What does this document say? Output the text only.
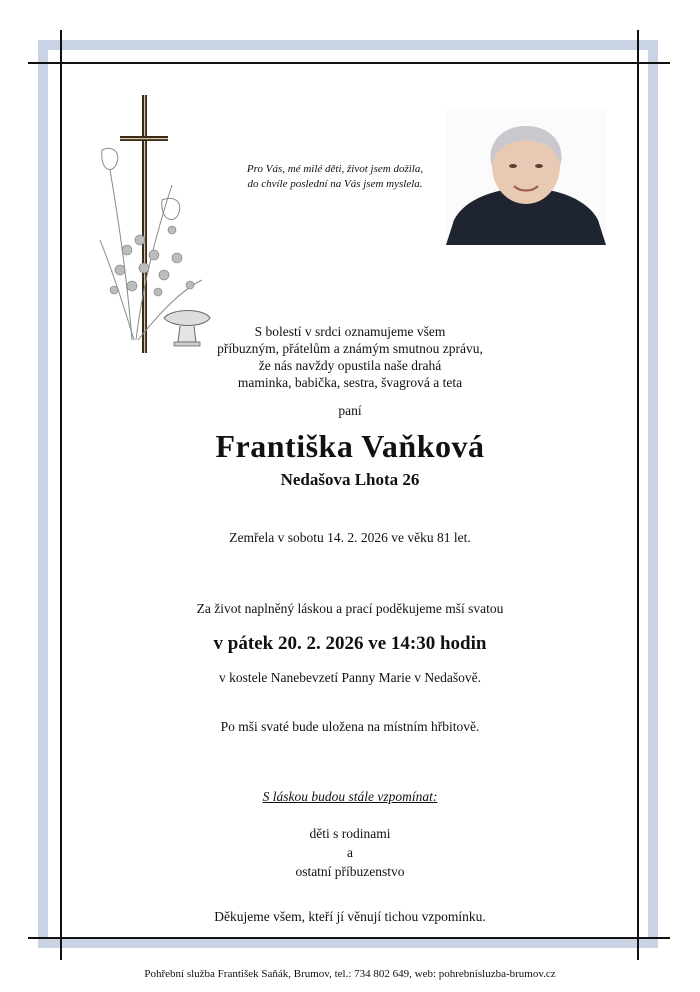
Pro Vás, mé milé děti, život jsem dožila,
do chvíle poslední na Vás jsem myslela.
S bolestí v srdci oznamujeme všem
příbuzným, přátelům a známým smutnou zprávu,
že nás navždy opustila naše drahá
maminka, babička, sestra, švagrová a teta
paní
Františka Vaňková
Nedašova Lhota 26
Zemřela v sobotu 14. 2. 2026 ve věku 81 let.
Za život naplněný láskou a prací poděkujeme mší svatou
v pátek 20. 2. 2026 ve 14:30 hodin
v kostele Nanebevzetí Panny Marie v Nedašově.
Po mši svaté bude uložena na místním hřbitově.
S láskou budou stále vzpomínat:
děti s rodinami
a
ostatní příbuzenstvo
Děkujeme všem, kteří jí věnují tichou vzpomínku.
Pohřební služba František Saňák, Brumov, tel.: 734 802 649, web: pohrebnisluzba-brumov.cz
